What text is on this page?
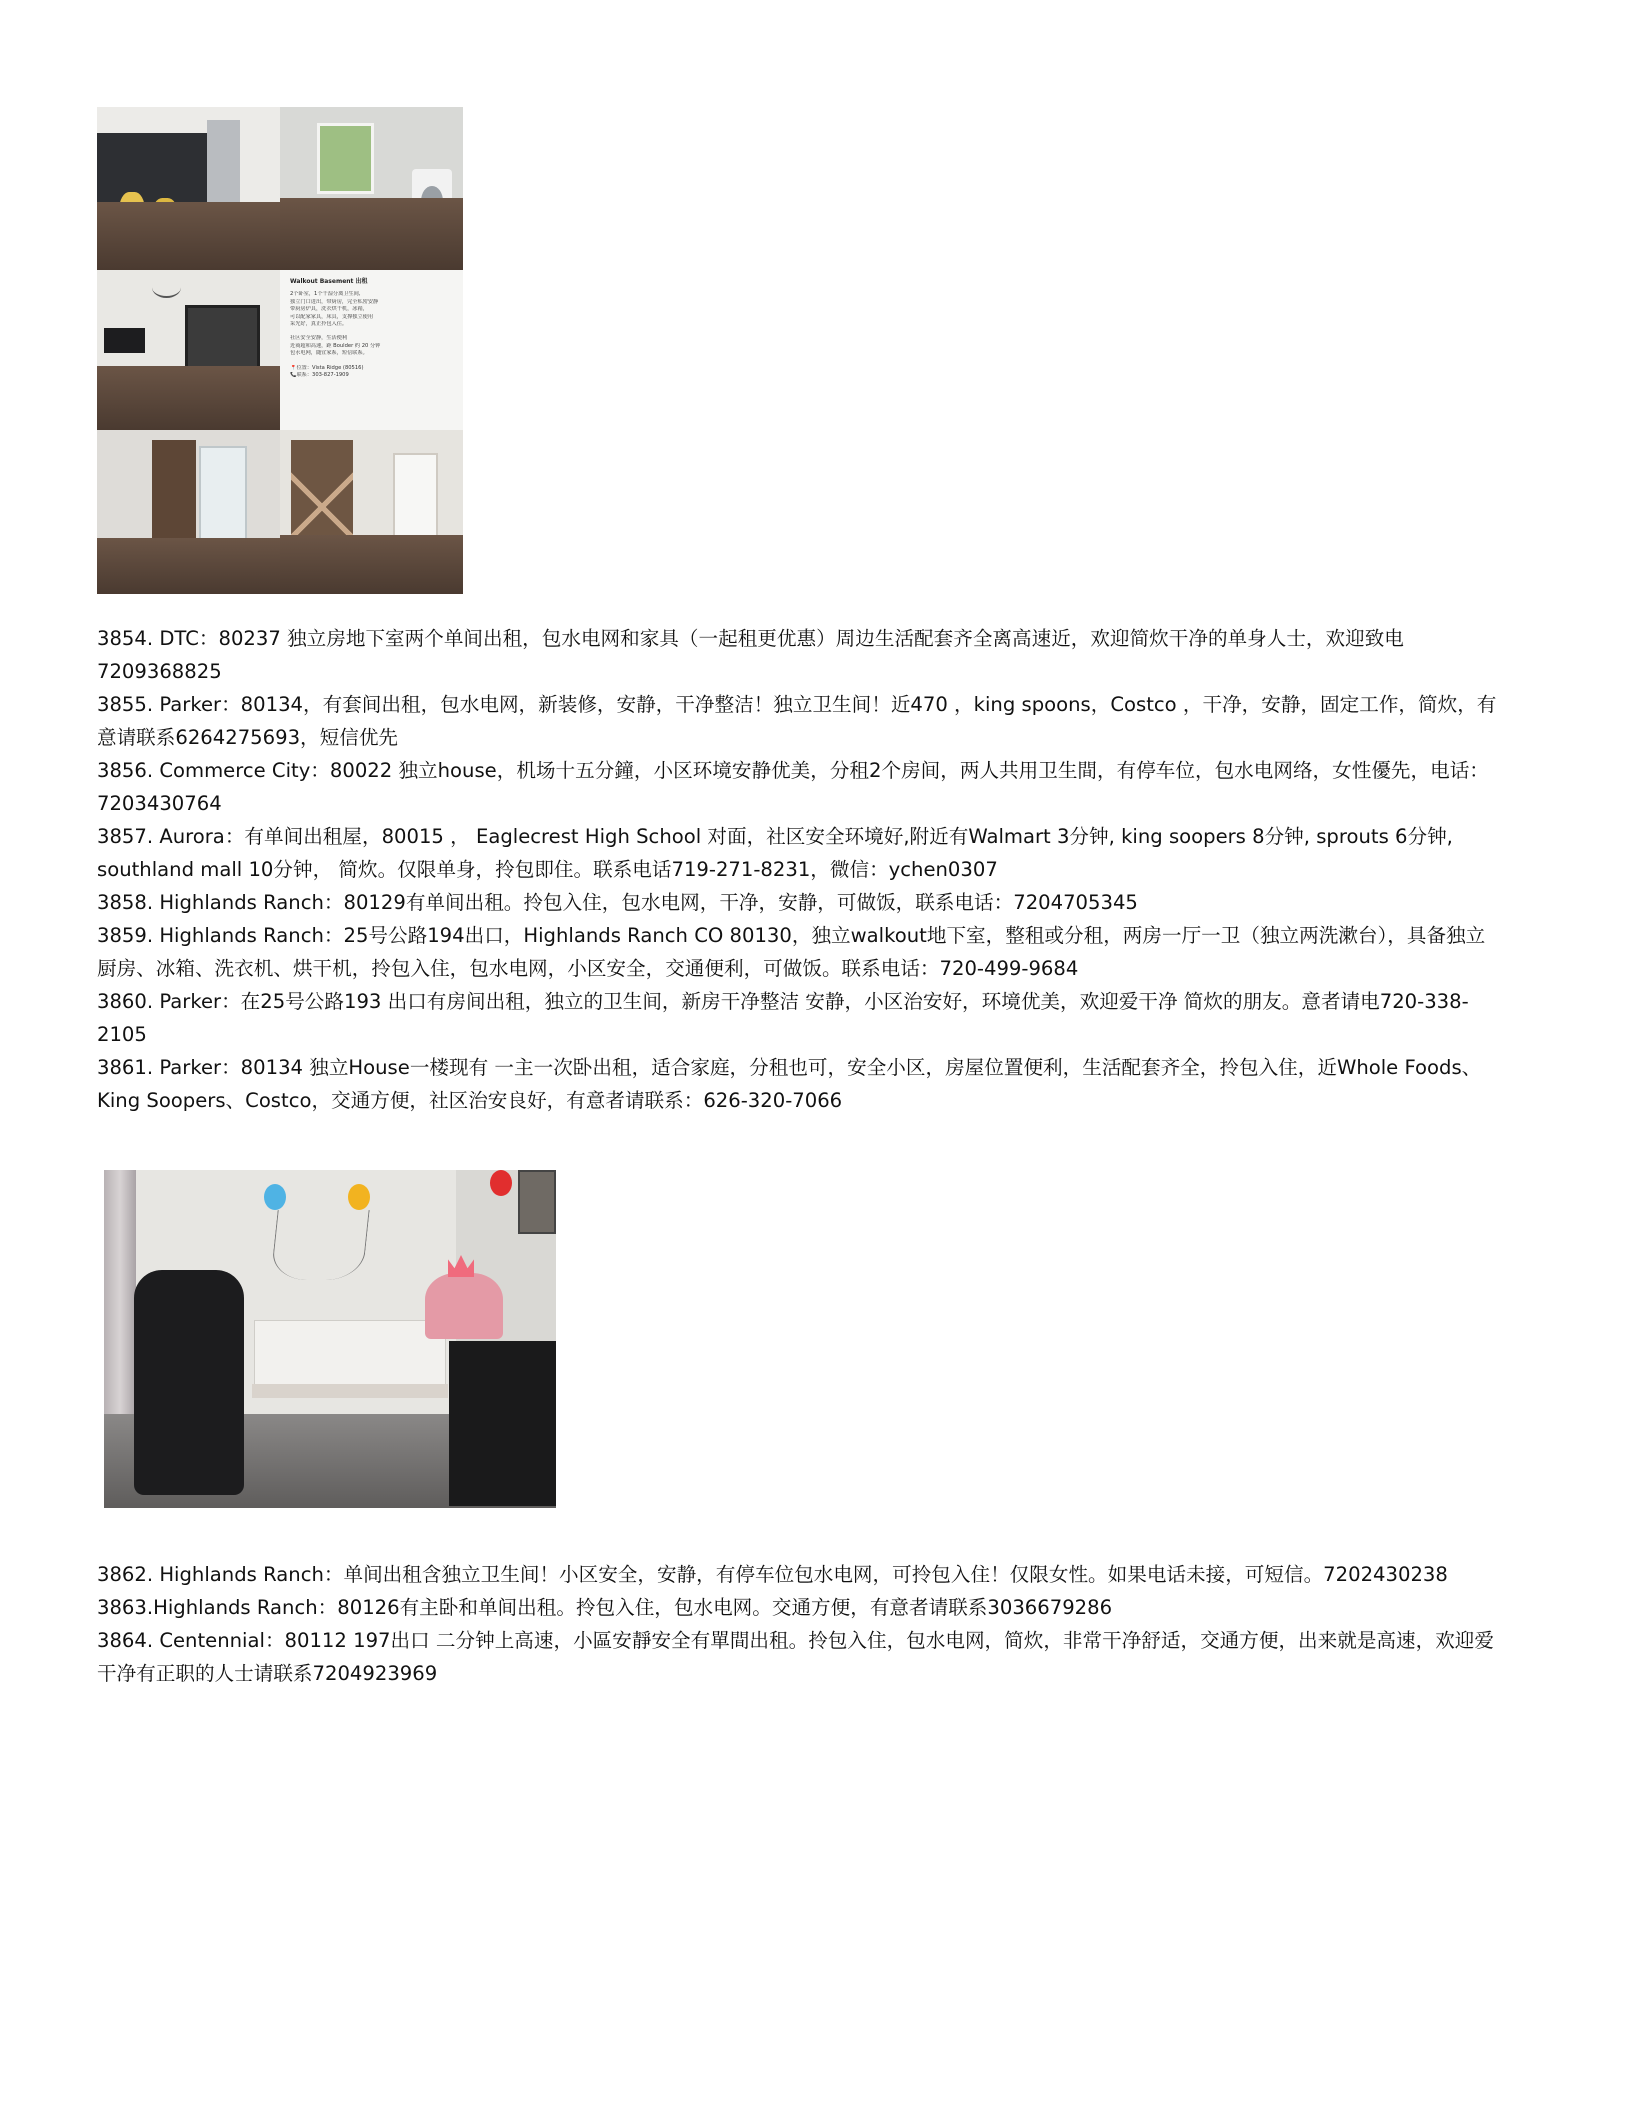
Walkout Basement 出租
2个卧室，1个干湿分离卫生间,
独立门口进出，带厨房，完全私密安静
带厨房炉具，洗衣烘干机，冰箱，
可以配家家具，床具，支撑独立使用
采光好，真正拎包入住。
社区安全安静，生活便利
近商超和高速，距 Boulder 约 20 分钟
包水电网，随宜家系，短信联系。
📍位置：Vista Ridge (80516)
📞联系：303-827-1909

3854. DTC：80237 独立房地下室两个单间出租，包水电网和家具（一起租更优惠）周边生活配套齐全离高速近，欢迎简炊干净的单身人士，欢迎致电7209368825

3855. Parker：80134，有套间出租，包水电网，新装修，安静，干净整洁！独立卫生间！近470 ，king spoons，Costco ，干净，安静，固定工作，简炊，有意请联系6264275693，短信优先

3856. Commerce City：80022 独立house，机场十五分鐘，小区环境安静优美，分租2个房间，两人共用卫生間，有停车位，包水电网络，女性優先，电话：7203430764

3857. Aurora：有单间出租屋，80015 ， Eaglecrest High School 对面，社区安全环境好,附近有Walmart 3分钟, king soopers 8分钟, sprouts 6分钟, southland mall 10分钟， 简炊。仅限单身，拎包即住。联系电话719-271-8231，微信：ychen0307

3858. Highlands Ranch：80129有单间出租。拎包入住，包水电网，干净，安静，可做饭，联系电话：7204705345

3859. Highlands Ranch：25号公路194出口，Highlands Ranch CO 80130，独立walkout地下室，整租或分租，两房一厅一卫（独立两洗漱台），具备独立厨房、冰箱、洗衣机、烘干机，拎包入住，包水电网，小区安全，交通便利，可做饭。联系电话：720-499-9684

3860. Parker：在25号公路193 出口有房间出租，独立的卫生间，新房干净整洁 安静，小区治安好，环境优美，欢迎爱干净 简炊的朋友。意者请电720-338-2105

3861. Parker：80134 独立House一楼现有 一主一次卧出租，适合家庭，分租也可，安全小区，房屋位置便利，生活配套齐全，拎包入住，近Whole Foods、King Soopers、Costco，交通方便，社区治安良好，有意者请联系：626-320-7066

3862. Highlands Ranch：单间出租含独立卫生间！小区安全，安静，有停车位包水电网，可拎包入住！仅限女性。如果电话未接，可短信。7202430238

3863.Highlands Ranch：80126有主卧和单间出租。拎包入住，包水电网。交通方便，有意者请联系3036679286

3864. Centennial：80112 197出口 二分钟上高速，小區安靜安全有單間出租。拎包入住，包水电网，简炊，非常干净舒适，交通方便，出来就是高速，欢迎爱干净有正职的人士请联系7204923969
